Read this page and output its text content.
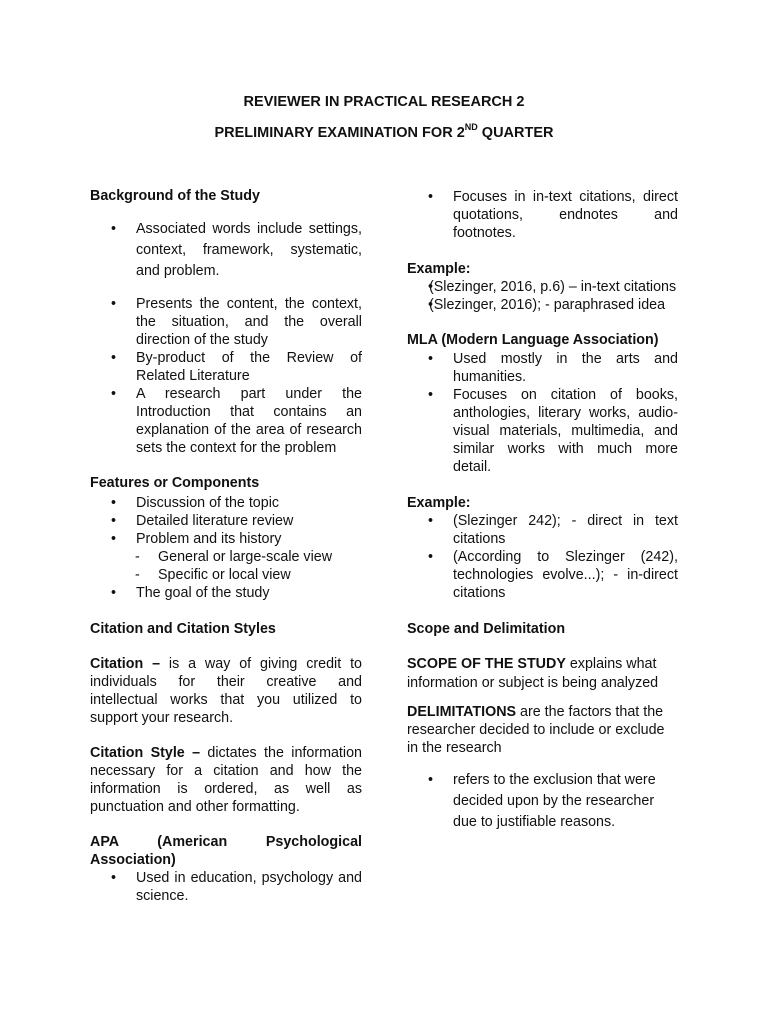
REVIEWER IN PRACTICAL RESEARCH 2
PRELIMINARY EXAMINATION FOR 2ND QUARTER

Background of the Study

• Associated words include settings, context, framework, systematic, and problem.
• Presents the content, the context, the situation, and the overall direction of the study
• By-product of the Review of Related Literature
• A research part under the Introduction that contains an explanation of the area of research sets the context for the problem

Features or Components

• Discussion of the topic
• Detailed literature review
• Problem and its history
- General or large-scale view
- Specific or local view
• The goal of the study

Citation and Citation Styles

Citation – is a way of giving credit to individuals for their creative and intellectual works that you utilized to support your research.

Citation Style – dictates the information necessary for a citation and how the information is ordered, as well as punctuation and other formatting.

APA (American Psychological Association)

• Used in education, psychology and science.
• Focuses in in-text citations, direct quotations, endnotes and footnotes.

Example:

• (Slezinger, 2016, p.6) – in-text citations
• (Slezinger, 2016); - paraphrased idea

MLA (Modern Language Association)

• Used mostly in the arts and humanities.
• Focuses on citation of books, anthologies, literary works, audio-visual materials, multimedia, and similar works with much more detail.

Example:

• (Slezinger 242); - direct in text citations
• (According to Slezinger (242), technologies evolve...); - in-direct citations

Scope and Delimitation

SCOPE OF THE STUDY explains what information or subject is being analyzed

DELIMITATIONS are the factors that the researcher decided to include or exclude in the research

• refers to the exclusion that were decided upon by the researcher due to justifiable reasons.
